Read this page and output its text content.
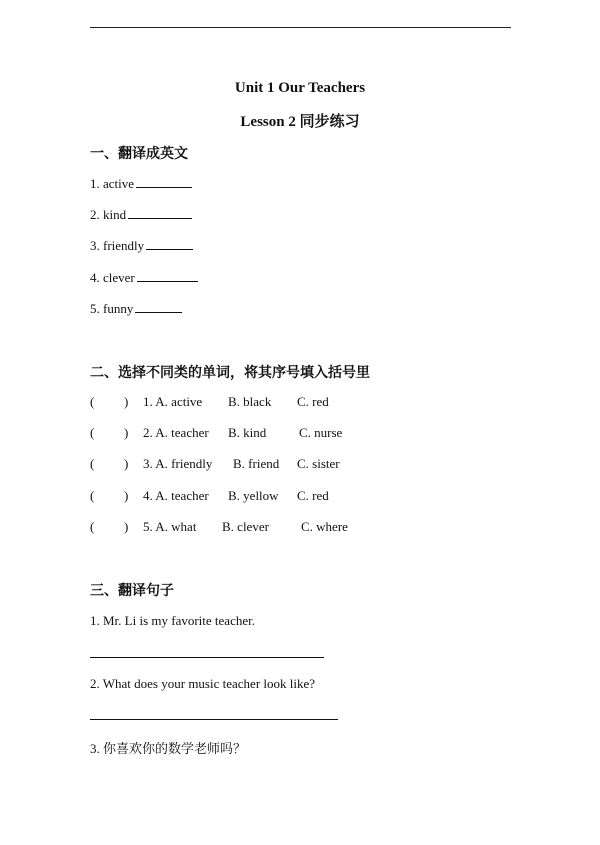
Unit 1 Our Teachers
Lesson 2 同步练习
一、翻译成英文
1. active
2. kind
3. friendly
4. clever
5. funny
二、选择不同类的单词，将其序号填入括号里
( ) 1. A. active B. black C. red
( ) 2. A. teacher B. kind	C. nurse
( ) 3. A. friendly B. friend C. sister
( ) 4. A. teacher B. yellow C. red
( ) 5. A. what B. clever C. where
三、翻译句子
1. Mr. Li is my favorite teacher.
2. What does your music teacher look like?
3. 你喜欢你的数学老师吗？
